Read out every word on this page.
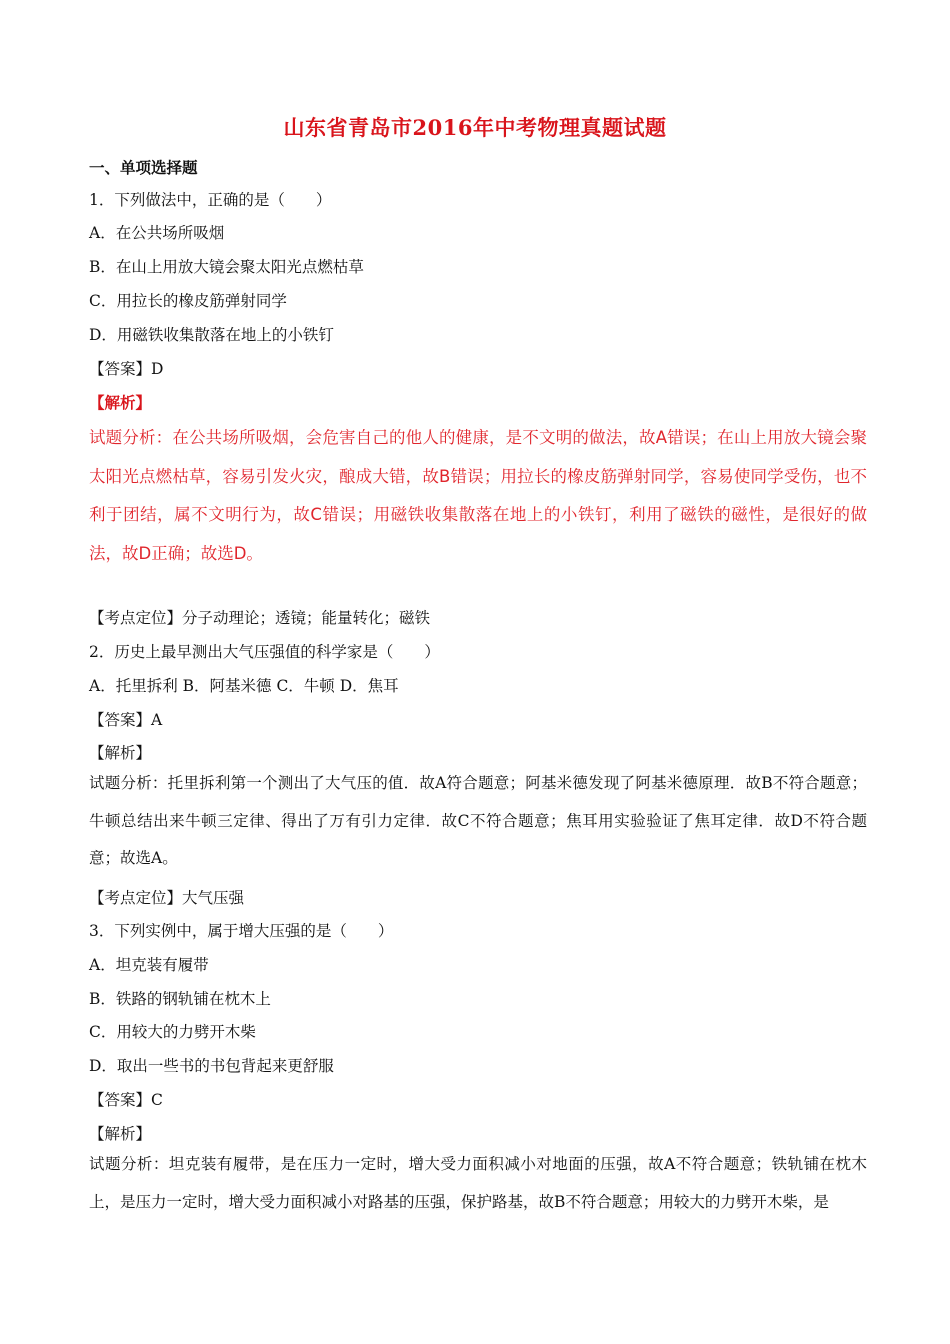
山东省青岛市2016年中考物理真题试题
一、单项选择题
1．下列做法中，正确的是（　　）
A．在公共场所吸烟
B．在山上用放大镜会聚太阳光点燃枯草
C．用拉长的橡皮筋弹射同学
D．用磁铁收集散落在地上的小铁钉
【答案】D
【解析】
试题分析：在公共场所吸烟，会危害自己的他人的健康，是不文明的做法，故A错误；在山上用放大镜会聚太阳光点燃枯草，容易引发火灾，酿成大错，故B错误；用拉长的橡皮筋弹射同学，容易使同学受伤，也不利于团结，属不文明行为，故C错误；用磁铁收集散落在地上的小铁钉，利用了磁铁的磁性，是很好的做法，故D正确；故选D。
【考点定位】分子动理论；透镜；能量转化；磁铁
2．历史上最早测出大气压强值的科学家是（　　）
A．托里拆利 B．阿基米德 C．牛顿 D．焦耳
【答案】A
【解析】
试题分析：托里拆利第一个测出了大气压的值．故A符合题意；阿基米德发现了阿基米德原理．故B不符合题意；牛顿总结出来牛顿三定律、得出了万有引力定律．故C不符合题意；焦耳用实验验证了焦耳定律．故D不符合题意；故选A。
【考点定位】大气压强
3．下列实例中，属于增大压强的是（　　）
A．坦克装有履带
B．铁路的钢轨铺在枕木上
C．用较大的力劈开木柴
D．取出一些书的书包背起来更舒服
【答案】C
【解析】
试题分析：坦克装有履带，是在压力一定时，增大受力面积减小对地面的压强，故A不符合题意；铁轨铺在枕木上，是压力一定时，增大受力面积减小对路基的压强，保护路基，故B不符合题意；用较大的力劈开木柴，是
